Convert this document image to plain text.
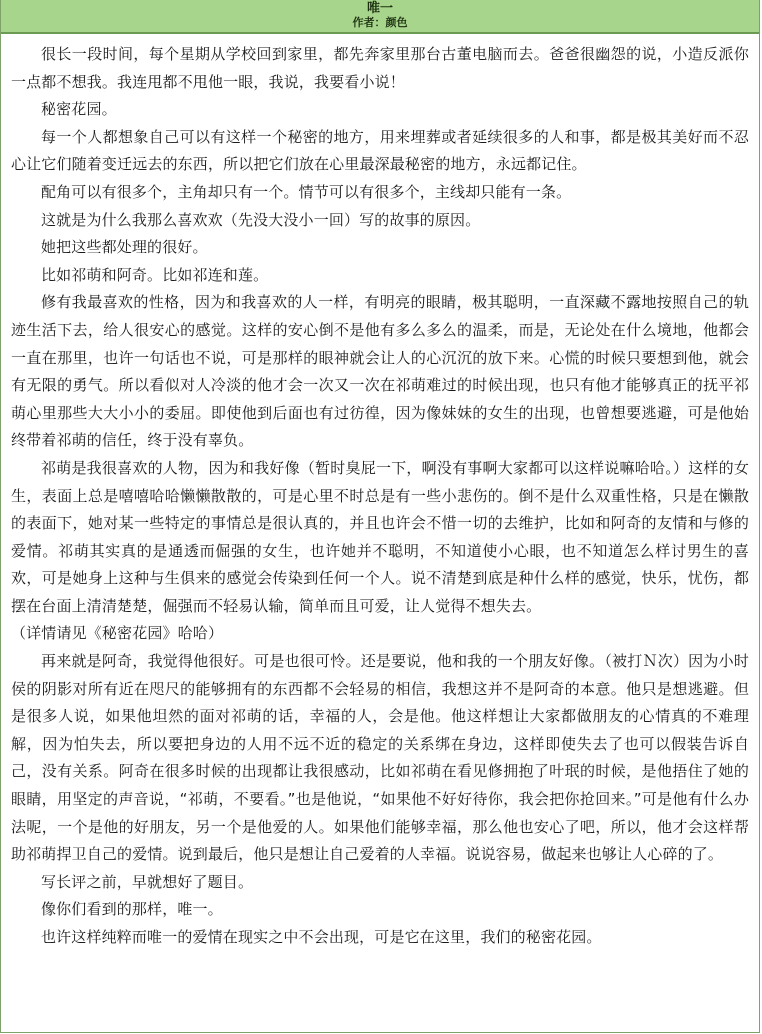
唯一
作者：颜色

很长一段时间，每个星期从学校回到家里，都先奔家里那台古董电脑而去。爸爸很幽怨的说，小造反派你一点都不想我。我连甩都不甩他一眼，我说，我要看小说！

秘密花园。

每一个人都想象自己可以有这样一个秘密的地方，用来埋葬或者延续很多的人和事，都是极其美好而不忍心让它们随着变迁远去的东西，所以把它们放在心里最深最秘密的地方，永远都记住。

配角可以有很多个，主角却只有一个。情节可以有很多个，主线却只能有一条。

这就是为什么我那么喜欢欢（先没大没小一回）写的故事的原因。

她把这些都处理的很好。

比如祁萌和阿奇。比如祁连和莲。

修有我最喜欢的性格，因为和我喜欢的人一样，有明亮的眼睛，极其聪明，一直深藏不露地按照自己的轨迹生活下去，给人很安心的感觉。这样的安心倒不是他有多么多么的温柔，而是，无论处在什么境地，他都会一直在那里，也许一句话也不说，可是那样的眼神就会让人的心沉沉的放下来。心慌的时候只要想到他，就会有无限的勇气。所以看似对人冷淡的他才会一次又一次在祁萌难过的时候出现，也只有他才能够真正的抚平祁萌心里那些大大小小的委屈。即使他到后面也有过彷徨，因为像妹妹的女生的出现，也曾想要逃避，可是他始终带着祁萌的信任，终于没有辜负。

祁萌是我很喜欢的人物，因为和我好像（暂时臭屁一下，啊没有事啊大家都可以这样说嘛哈哈。）这样的女生，表面上总是嘻嘻哈哈懒懒散散的，可是心里不时总是有一些小悲伤的。倒不是什么双重性格，只是在懒散的表面下，她对某一些特定的事情总是很认真的，并且也许会不惜一切的去维护，比如和阿奇的友情和与修的爱情。祁萌其实真的是通透而倔强的女生，也许她并不聪明，不知道使小心眼，也不知道怎么样讨男生的喜欢，可是她身上这种与生俱来的感觉会传染到任何一个人。说不清楚到底是种什么样的感觉，快乐，忧伤，都摆在台面上清清楚楚，倔强而不轻易认输，简单而且可爱，让人觉得不想失去。

（详情请见《秘密花园》哈哈）

再来就是阿奇，我觉得他很好。可是也很可怜。还是要说，他和我的一个朋友好像。（被打Ｎ次）因为小时侯的阴影对所有近在咫尺的能够拥有的东西都不会轻易的相信，我想这并不是阿奇的本意。他只是想逃避。但是很多人说，如果他坦然的面对祁萌的话，幸福的人，会是他。他这样想让大家都做朋友的心情真的不难理解，因为怕失去，所以要把身边的人用不远不近的稳定的关系绑在身边，这样即使失去了也可以假装告诉自己，没有关系。阿奇在很多时候的出现都让我很感动，比如祁萌在看见修拥抱了叶珉的时候，是他捂住了她的眼睛，用坚定的声音说，“祁萌，不要看。”也是他说，“如果他不好好待你，我会把你抢回来。”可是他有什么办法呢，一个是他的好朋友，另一个是他爱的人。如果他们能够幸福，那么他也安心了吧，所以，他才会这样帮助祁萌捍卫自己的爱情。说到最后，他只是想让自己爱着的人幸福。说说容易，做起来也够让人心碎的了。

写长评之前，早就想好了题目。

像你们看到的那样，唯一。

也许这样纯粹而唯一的爱情在现实之中不会出现，可是它在这里，我们的秘密花园。
